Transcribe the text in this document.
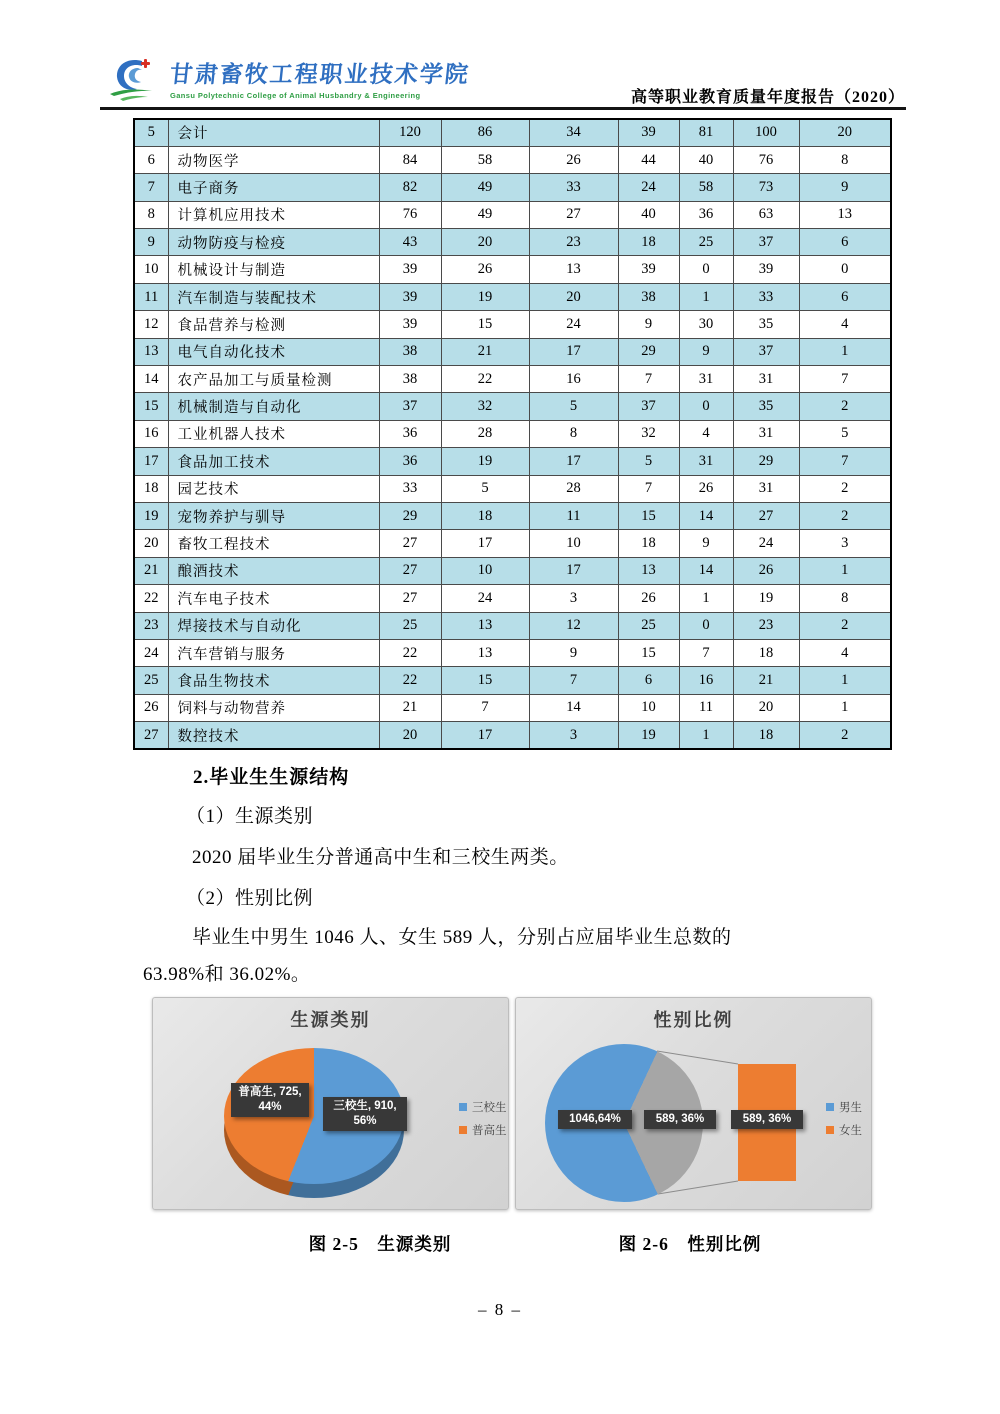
甘肃畜牧工程职业技术学院
Gansu Polytechnic College of Animal Husbandry & Engineering	高等职业教育质量年度报告（2020）
5	会计	120	86	34	39	81	100	20
6	动物医学	84	58	26	44	40	76	8
7	电子商务	82	49	33	24	58	73	9
8	计算机应用技术	76	49	27	40	36	63	13
9	动物防疫与检疫	43	20	23	18	25	37	6
10	机械设计与制造	39	26	13	39	0	39	0
11	汽车制造与装配技术	39	19	20	38	1	33	6
12	食品营养与检测	39	15	24	9	30	35	4
13	电气自动化技术	38	21	17	29	9	37	1
14	农产品加工与质量检测	38	22	16	7	31	31	7
15	机械制造与自动化	37	32	5	37	0	35	2
16	工业机器人技术	36	28	8	32	4	31	5
17	食品加工技术	36	19	17	5	31	29	7
18	园艺技术	33	5	28	7	26	31	2
19	宠物养护与驯导	29	18	11	15	14	27	2
20	畜牧工程技术	27	17	10	18	9	24	3
21	酿酒技术	27	10	17	13	14	26	1
22	汽车电子技术	27	24	3	26	1	19	8
23	焊接技术与自动化	25	13	12	25	0	23	2
24	汽车营销与服务	22	13	9	15	7	18	4
25	食品生物技术	22	15	7	6	16	21	1
26	饲料与动物营养	21	7	14	10	11	20	1
27	数控技术	20	17	3	19	1	18	2
2.毕业生生源结构
（1）生源类别
2020 届毕业生分普通高中生和三校生两类。
（2）性别比例
毕业生中男生 1046 人、女生 589 人，分别占应届毕业生总数的
63.98%和 36.02%。
生源类别
普高生, 725,
44%	三校生, 910,
56%
三校生
普高生
性别比例
1046,64%	589, 36%	589, 36%
男生
女生
图 2-5　生源类别	图 2-6　性别比例
– 8 –
